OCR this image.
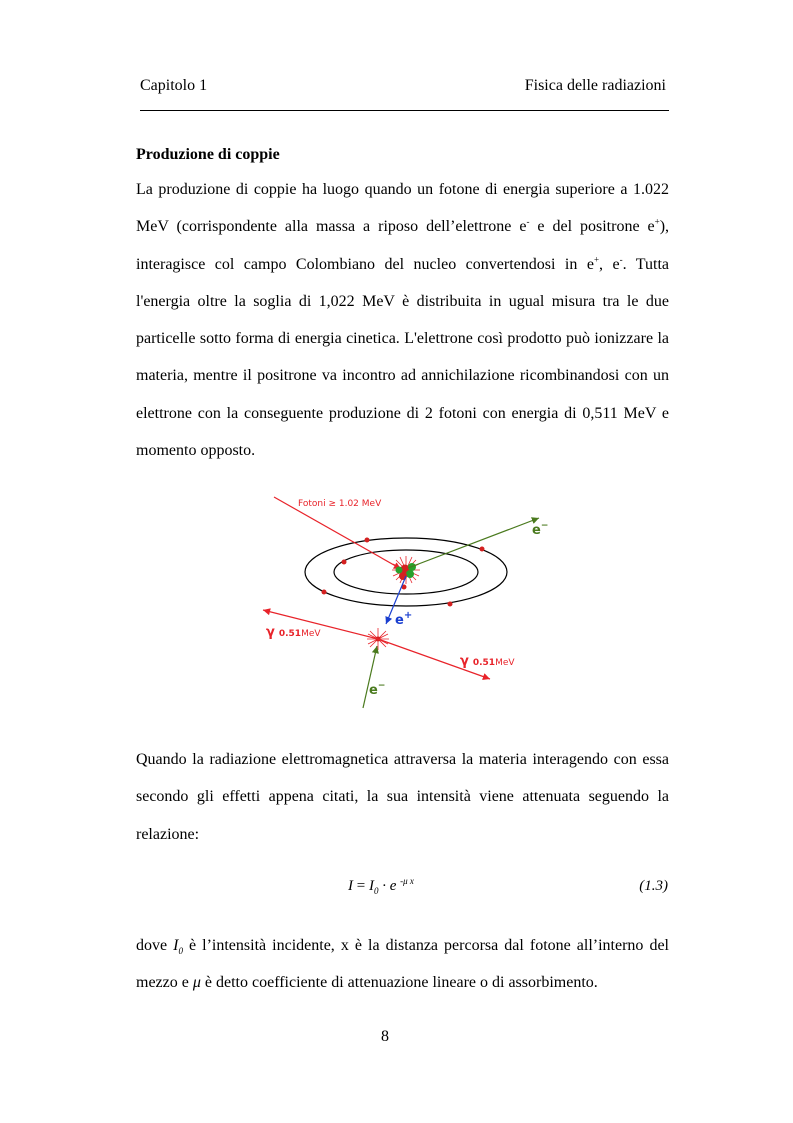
Capitolo 1	Fisica delle radiazioni
Produzione di coppie
La produzione di coppie ha luogo quando un fotone di energia superiore a 1.022 MeV (corrispondente alla massa a riposo dell’elettrone e- e del positrone e+), interagisce col campo Colombiano del nucleo convertendosi in e+, e-. Tutta l'energia oltre la soglia di 1,022 MeV è distribuita in ugual misura tra le due particelle sotto forma di energia cinetica. L'elettrone così prodotto può ionizzare la materia, mentre il positrone va incontro ad annichilazione ricombinandosi con un elettrone con la conseguente produzione di 2 fotoni con energia di 0,511 MeV e momento opposto.
Fotoni ≥ 1.02 MeV
e−
e+
γ 0.51MeV
γ 0.51MeV
e−
Quando la radiazione elettromagnetica attraversa la materia interagendo con essa secondo gli effetti appena citati, la sua intensità viene attenuata seguendo la relazione:
$I = I_0 \cdot e$ $^{-\mu x}$	(1.3)
dove $I_0$ è l’intensità incidente, x è la distanza percorsa dal fotone all’interno del mezzo e μ è detto coefficiente di attenuazione lineare o di assorbimento.
8
